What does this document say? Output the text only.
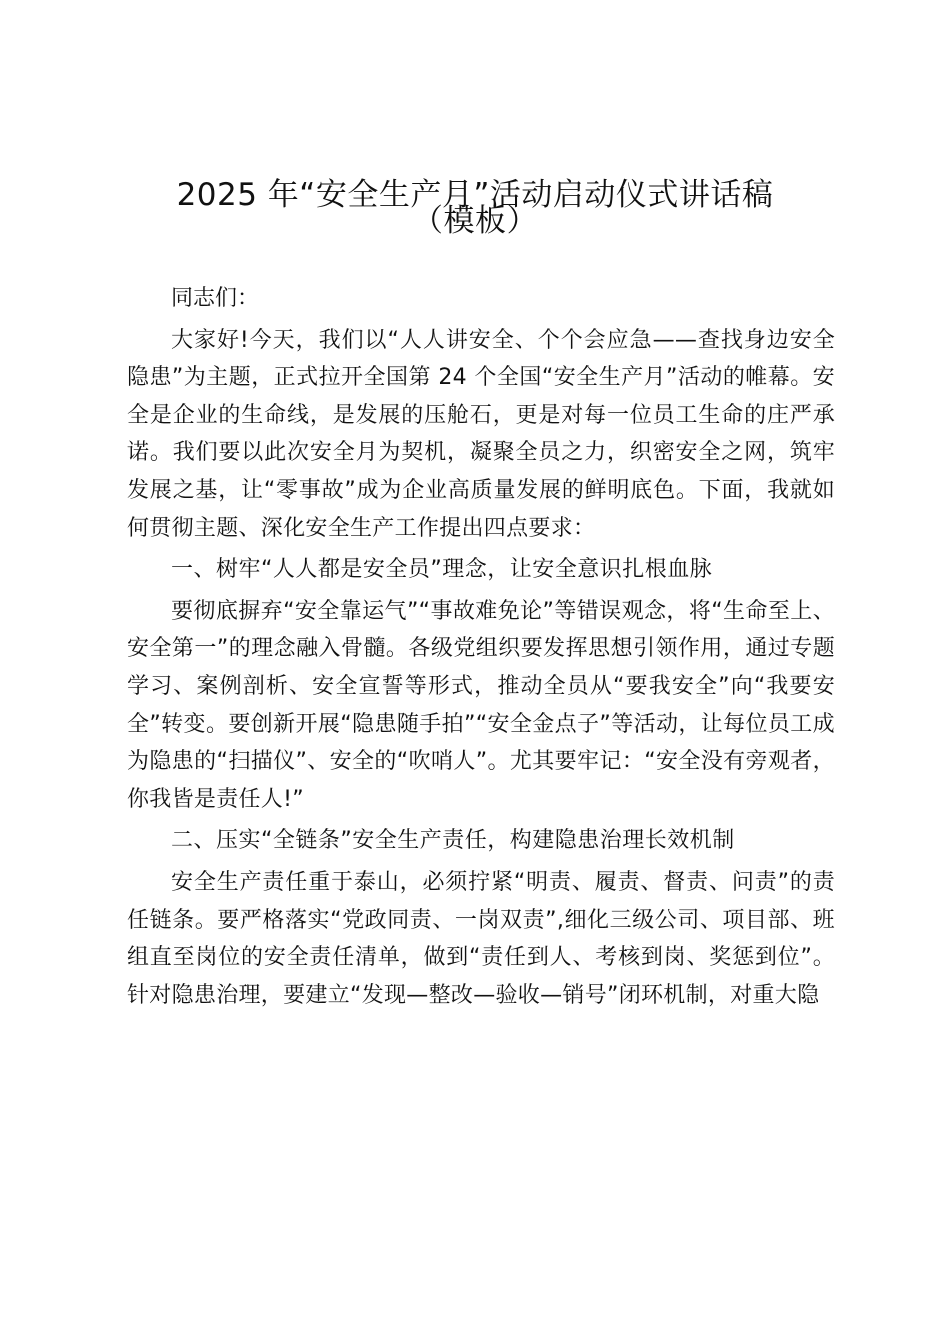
2025 年“安全生产月”活动启动仪式讲话稿
（模板）

同志们：

大家好!今天，我们以“人人讲安全、个个会应急——查找身边安全隐患”为主题，正式拉开全国第 24 个全国“安全生产月”活动的帷幕。安全是企业的生命线，是发展的压舱石，更是对每一位员工生命的庄严承诺。我们要以此次安全月为契机，凝聚全员之力，织密安全之网，筑牢发展之基，让“零事故”成为企业高质量发展的鲜明底色。下面，我就如何贯彻主题、深化安全生产工作提出四点要求：

一、树牢“人人都是安全员”理念，让安全意识扎根血脉

要彻底摒弃“安全靠运气”“事故难免论”等错误观念，将“生命至上、安全第一”的理念融入骨髓。各级党组织要发挥思想引领作用，通过专题学习、案例剖析、安全宣誓等形式，推动全员从“要我安全”向“我要安全”转变。要创新开展“隐患随手拍”“安全金点子”等活动，让每位员工成为隐患的“扫描仪”、安全的“吹哨人”。尤其要牢记：“安全没有旁观者，你我皆是责任人!”

二、压实“全链条”安全生产责任，构建隐患治理长效机制

安全生产责任重于泰山，必须拧紧“明责、履责、督责、问责”的责任链条。要严格落实“党政同责、一岗双责”,细化三级公司、项目部、班组直至岗位的安全责任清单，做到“责任到人、考核到岗、奖惩到位”。针对隐患治理，要建立“发现—整改—验收—销号”闭环机制，对重大隐
